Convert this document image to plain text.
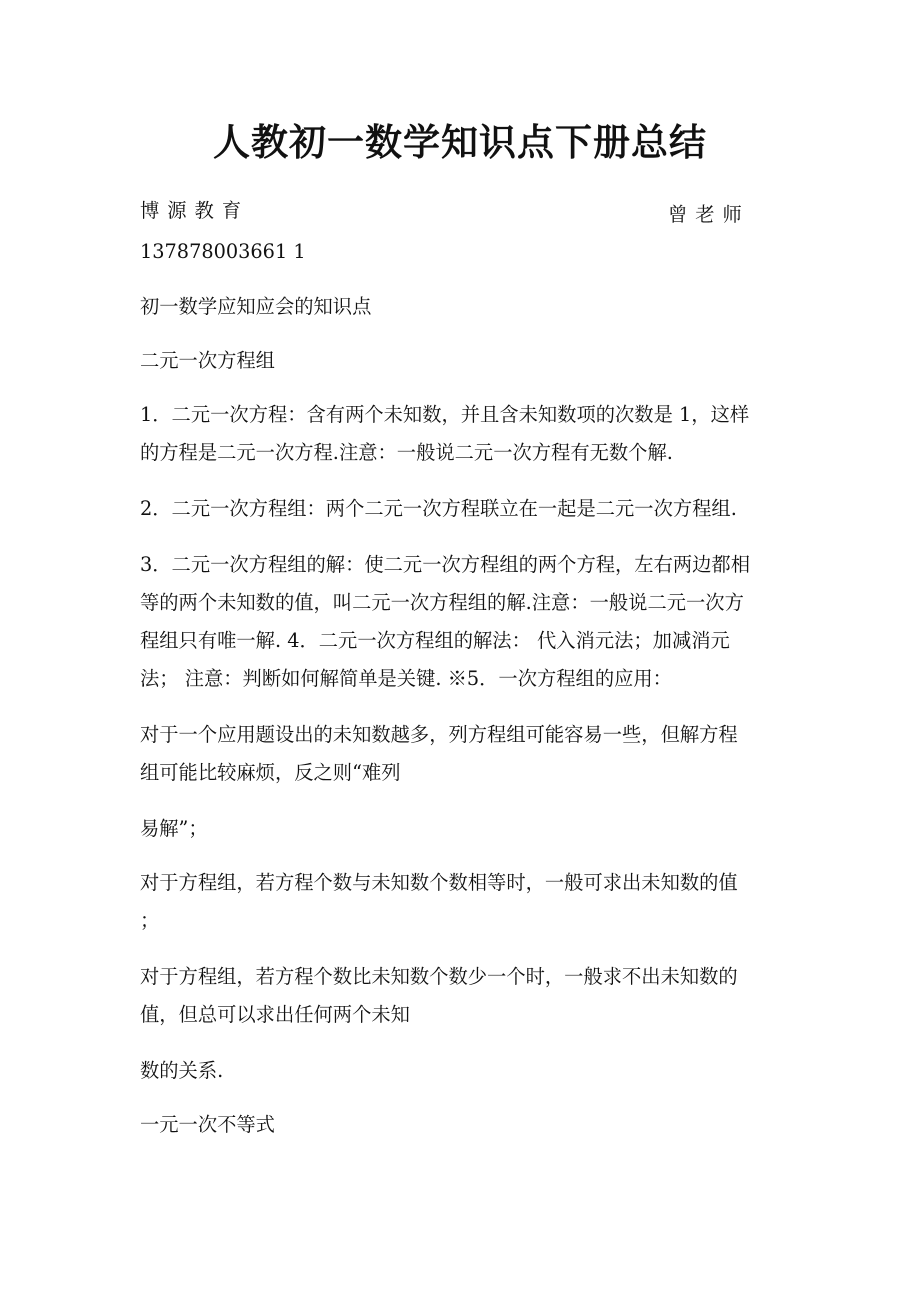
人教初一数学知识点下册总结
博源教育	曾老师
137878003661 1
初一数学应知应会的知识点
二元一次方程组
1．二元一次方程：含有两个未知数，并且含未知数项的次数是 1，这样
的方程是二元一次方程.注意：一般说二元一次方程有无数个解.
2．二元一次方程组：两个二元一次方程联立在一起是二元一次方程组.
3．二元一次方程组的解：使二元一次方程组的两个方程，左右两边都相
等的两个未知数的值，叫二元一次方程组的解.注意：一般说二元一次方
程组只有唯一解. 4．二元一次方程组的解法： 代入消元法；加减消元
法； 注意：判断如何解简单是关键. ※5．一次方程组的应用：
对于一个应用题设出的未知数越多，列方程组可能容易一些，但解方程
组可能比较麻烦，反之则“难列
易解”；
对于方程组，若方程个数与未知数个数相等时，一般可求出未知数的值
；
对于方程组，若方程个数比未知数个数少一个时，一般求不出未知数的
值，但总可以求出任何两个未知
数的关系.
一元一次不等式
